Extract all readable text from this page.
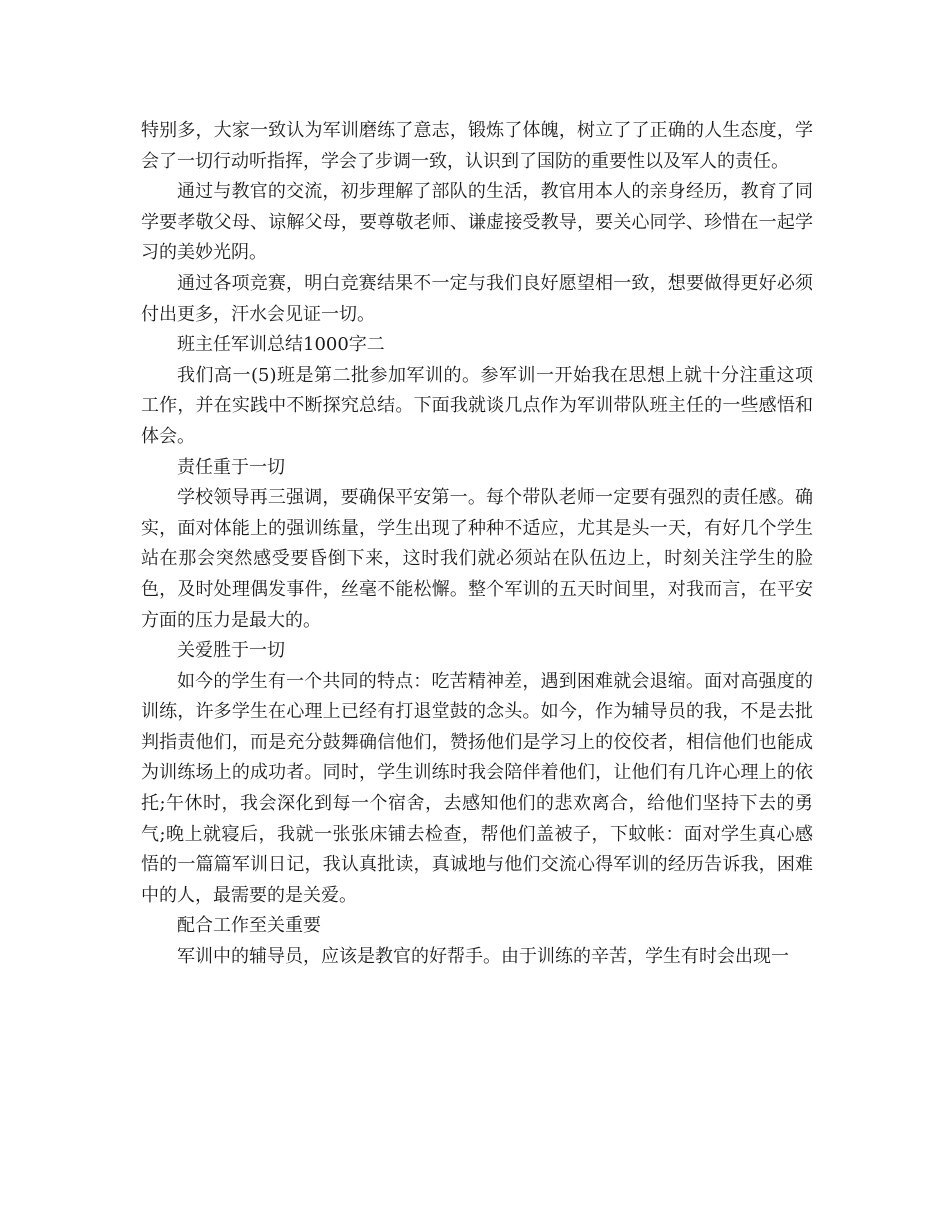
特别多，大家一致认为军训磨练了意志，锻炼了体魄，树立了了正确的人生态度，学会了一切行动听指挥，学会了步调一致，认识到了国防的重要性以及军人的责任。

通过与教官的交流，初步理解了部队的生活，教官用本人的亲身经历，教育了同学要孝敬父母、谅解父母，要尊敬老师、谦虚接受教导，要关心同学、珍惜在一起学习的美妙光阴。

通过各项竞赛，明白竞赛结果不一定与我们良好愿望相一致，想要做得更好必须付出更多，汗水会见证一切。

班主任军训总结1000字二

我们高一(5)班是第二批参加军训的。参军训一开始我在思想上就十分注重这项工作，并在实践中不断探究总结。下面我就谈几点作为军训带队班主任的一些感悟和体会。

责任重于一切

学校领导再三强调，要确保平安第一。每个带队老师一定要有强烈的责任感。确实，面对体能上的强训练量，学生出现了种种不适应，尤其是头一天，有好几个学生站在那会突然感受要昏倒下来，这时我们就必须站在队伍边上，时刻关注学生的脸色，及时处理偶发事件，丝毫不能松懈。整个军训的五天时间里，对我而言，在平安方面的压力是最大的。

关爱胜于一切

如今的学生有一个共同的特点：吃苦精神差，遇到困难就会退缩。面对高强度的训练，许多学生在心理上已经有打退堂鼓的念头。如今，作为辅导员的我，不是去批判指责他们，而是充分鼓舞确信他们，赞扬他们是学习上的佼佼者，相信他们也能成为训练场上的成功者。同时，学生训练时我会陪伴着他们，让他们有几许心理上的依托;午休时，我会深化到每一个宿舍，去感知他们的悲欢离合，给他们坚持下去的勇气;晚上就寝后，我就一张张床铺去检查，帮他们盖被子，下蚊帐：面对学生真心感悟的一篇篇军训日记，我认真批读，真诚地与他们交流心得军训的经历告诉我，困难中的人，最需要的是关爱。

配合工作至关重要

军训中的辅导员，应该是教官的好帮手。由于训练的辛苦，学生有时会出现一
